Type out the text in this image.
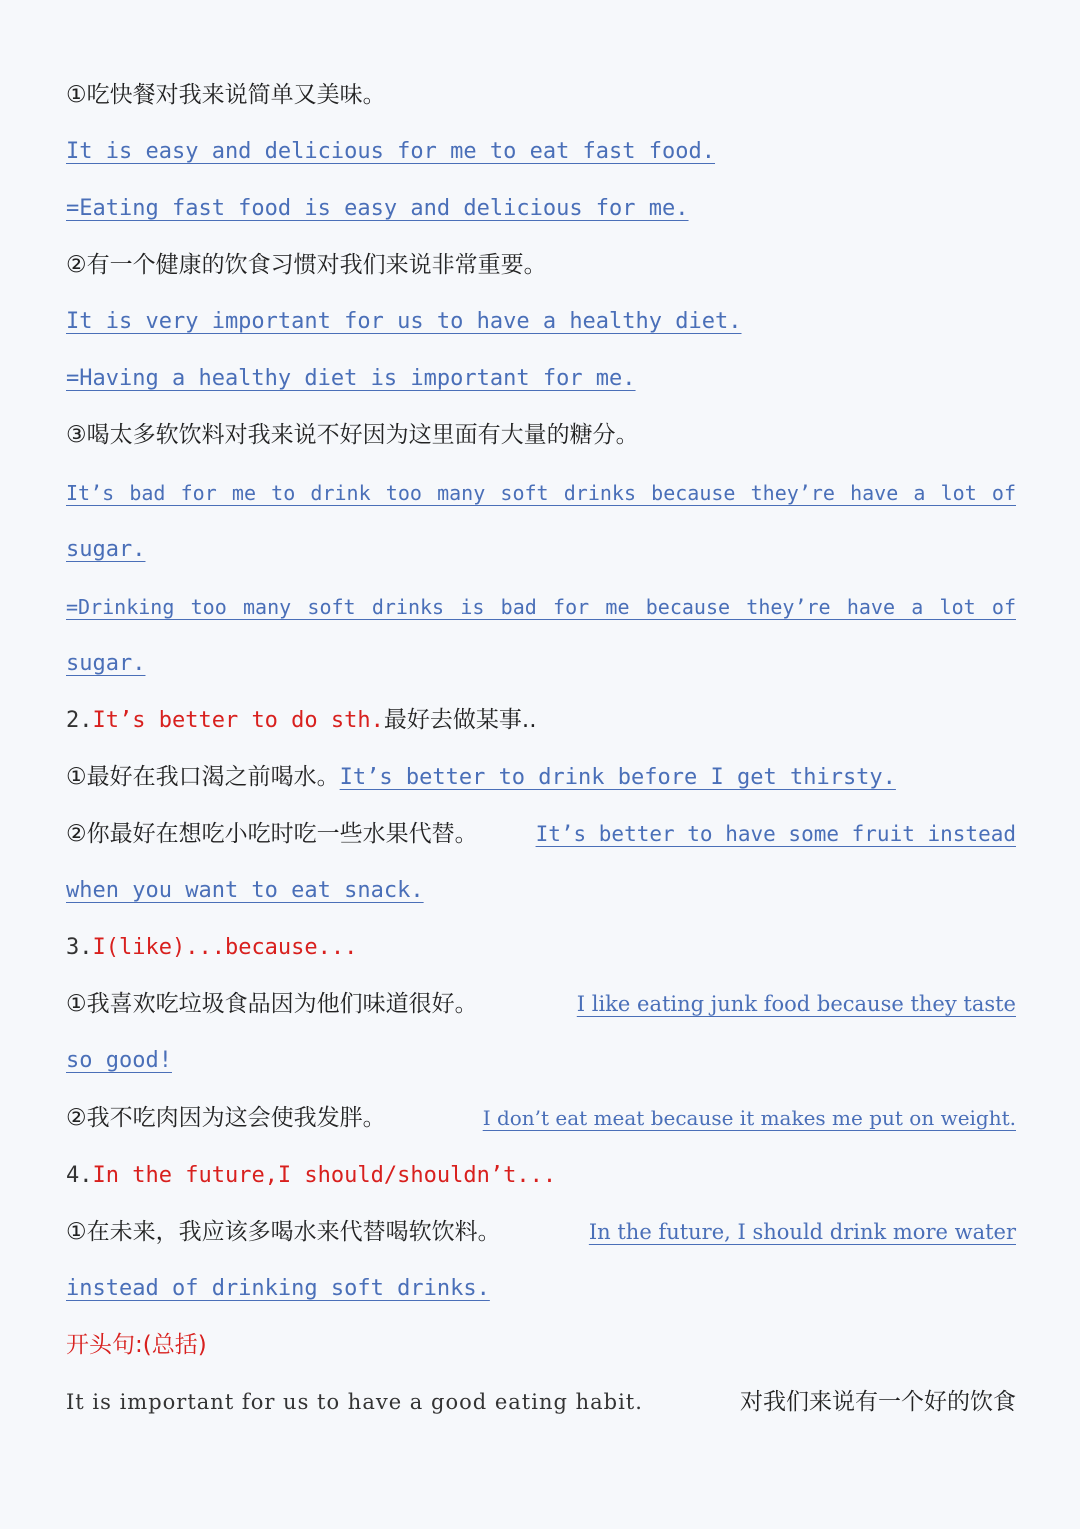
①吃快餐对我来说简单又美味。
It is easy and delicious for me to eat fast food.
=Eating fast food is easy and delicious for me.
②有一个健康的饮食习惯对我们来说非常重要。
It is very important for us to have a healthy diet.
=Having a healthy diet is important for me.
③喝太多软饮料对我来说不好因为这里面有大量的糖分。
It’s bad for me to drink too many soft drinks because they’re have a lot of
sugar.
=Drinking too many soft drinks is bad for me because they’re have a lot of
sugar.
2.It’s better to do sth.最好去做某事..
①最好在我口渴之前喝水。It’s better to drink before I get thirsty.
②你最好在想吃小吃时吃一些水果代替。	It’s better to have some fruit instead
when you want to eat snack.
3.I(like)...because...
①我喜欢吃垃圾食品因为他们味道很好。	I like eating junk food because they taste
so good!
②我不吃肉因为这会使我发胖。	I don’t eat meat because it makes me put on weight.
4.In the future,I should/shouldn’t...
①在未来，我应该多喝水来代替喝软饮料。	In the future, I should drink more water
instead of drinking soft drinks.
开头句:(总括)
It is important for us to have a good eating habit.	对我们来说有一个好的饮食
